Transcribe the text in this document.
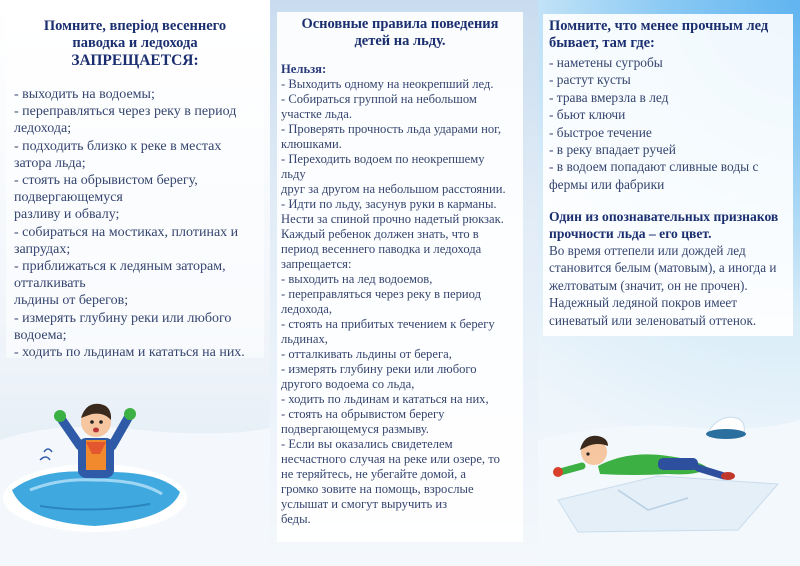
Помните, вперiод весеннего

паводка и ледохода

ЗАПРЕЩАЕТСЯ:

- выходить на водоемы;
- переправляться через реку в период
ледохода;
- подходить близко к реке в местах
затора льда;
- стоять на обрывистом берегу,
подвергающемуся
разливу и обвалу;
- собираться на мостиках, плотинах и
запрудах;
- приближаться к ледяным заторам,
отталкивать
льдины от берегов;
- измерять глубину реки или любого
водоема;
- ходить по льдинам и кататься на них.

Основные правила поведения

детей на льду.

Нельзя:
- Выходить одному на неокрепший лед.
- Собираться группой на небольшом
участке льда.
- Проверять прочность льда ударами ног,
клюшками.
- Переходить водоем по неокрепшему
льду
друг за другом на небольшом расстоянии.
- Идти по льду, засунув руки в карманы.
Нести за спиной прочно надетый рюкзак.
Каждый ребенок должен знать, что в
период весеннего паводка и ледохода
запрещается:
- выходить на лед водоемов,
- переправляться через реку в период
ледохода,
- стоять на прибитых течением к берегу
льдинах,
- отталкивать льдины от берега,
- измерять глубину реки или любого
другого водоема со льда,
- ходить по льдинам и кататься на них,
- стоять на обрывистом берегу
подвергающемуся размыву.
- Если вы оказались свидетелем
несчастного случая на реке или озере, то
не теряйтесь, не убегайте домой, а
громко зовите на помощь, взрослые
услышат и смогут выручить из
беды.

Помните, что менее прочным лед

бывает, там где:

- наметены сугробы
- растут кусты
- трава вмерзла в лед
- бьют ключи
- быстрое течение
- в реку впадает ручей
- в водоем попадают сливные воды с
фермы или фабрики

Один из опознавательных признаков

прочности льда – его цвет.

Во время оттепели или дождей лед
становится белым (матовым), а иногда и
желтоватым (значит, он не прочен).
Надежный ледяной покров имеет
синеватый или зеленоватый оттенок.
